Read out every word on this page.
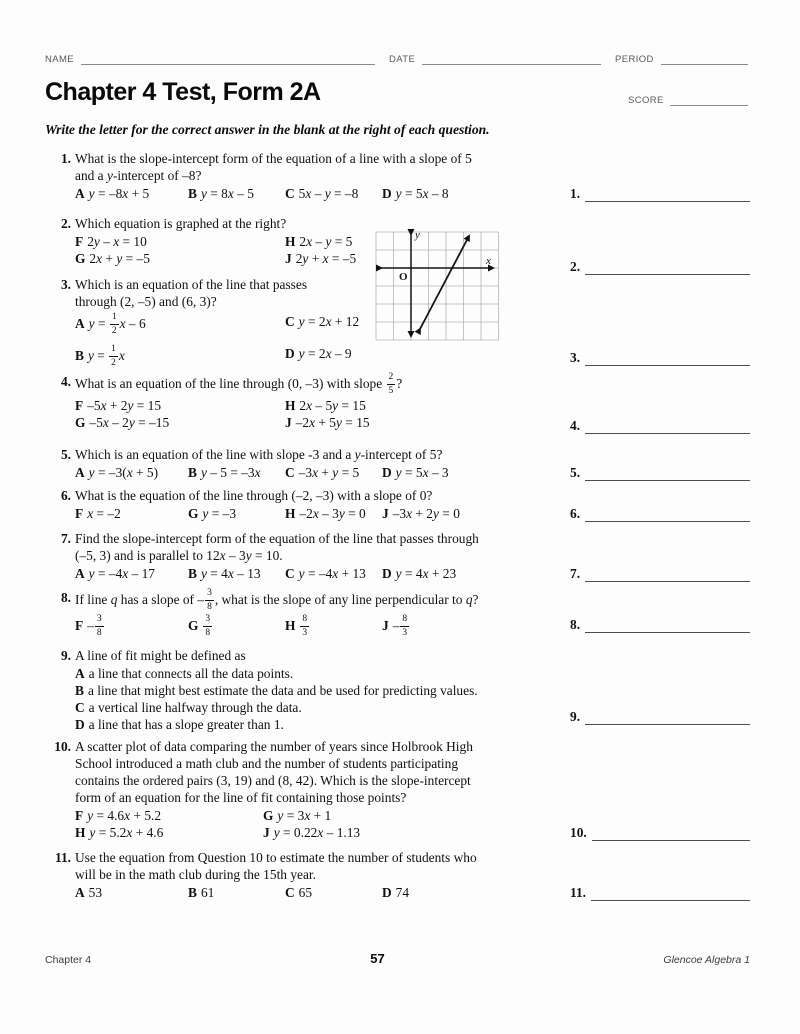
NAME	DATE	PERIOD
Chapter 4 Test, Form 2A	SCORE
Write the letter for the correct answer in the blank at the right of each question.
y
x
O
1. What is the slope-intercept form of the equation of a line with a slope of 5
and a y-intercept of –8?
A y = –8x + 5	B y = 8x – 5	C 5x – y = –8	D y = 5x – 8	1.
2. Which equation is graphed at the right?
F 2y – x = 10	H 2x – y = 5
G 2x + y = –5	J 2y + x = –5
2.
3. Which is an equation of the line that passes
through (2, –5) and (6, 3)?
A $y = \frac{1}{2}$ x – 6	C y = 2x + 12
B $y = \frac{1}{2}$ x	D y = 2x – 9	3.
4. What is an equation of the line through (0, –3) with slope $\frac{2}{5}$ ?
F –5x + 2y = 15	H 2x – 5y = 15
G –5x – 2y = –15	J –2x + 5y = 15	4.
5. Which is an equation of the line with slope -3 and a y-intercept of 5?
A y = –3(x + 5)	B y – 5 = –3x	C –3x + y = 5	D y = 5x – 3	5.
6. What is the equation of the line through (–2, –3) with a slope of 0?
F x = –2	G y = –3	H –2x – 3y = 0	J –3x + 2y = 0	6.
7. Find the slope-intercept form of the equation of the line that passes through
(–5, 3) and is parallel to 12x – 3y = 10.
A y = –4x – 17	B y = 4x – 13	C y = –4x + 13	D y = 4x + 23	7.
8. If line q has a slope of – $\frac{3}{8}$ , what is the slope of any line perpendicular to q?
F – $\frac{3}{8}$	G $\frac{3}{8}$	H $\frac{8}{3}$	J – $\frac{8}{3}$	8.
9. A line of fit might be defined as
A a line that connects all the data points.
B a line that might best estimate the data and be used for predicting values.
C a vertical line halfway through the data.
D a line that has a slope greater than 1.
9.
10. A scatter plot of data comparing the number of years since Holbrook High
School introduced a math club and the number of students participating
contains the ordered pairs (3, 19) and (8, 42). Which is the slope-intercept
form of an equation for the line of fit containing those points?
F y = 4.6x + 5.2	G y = 3x + 1
H y = 5.2x + 4.6	J y = 0.22x – 1.13	10.
11. Use the equation from Question 10 to estimate the number of students who
will be in the math club during the 15th year.
A 53	B 61	C 65	D 74	11.
Chapter 4	57	Glencoe Algebra 1
